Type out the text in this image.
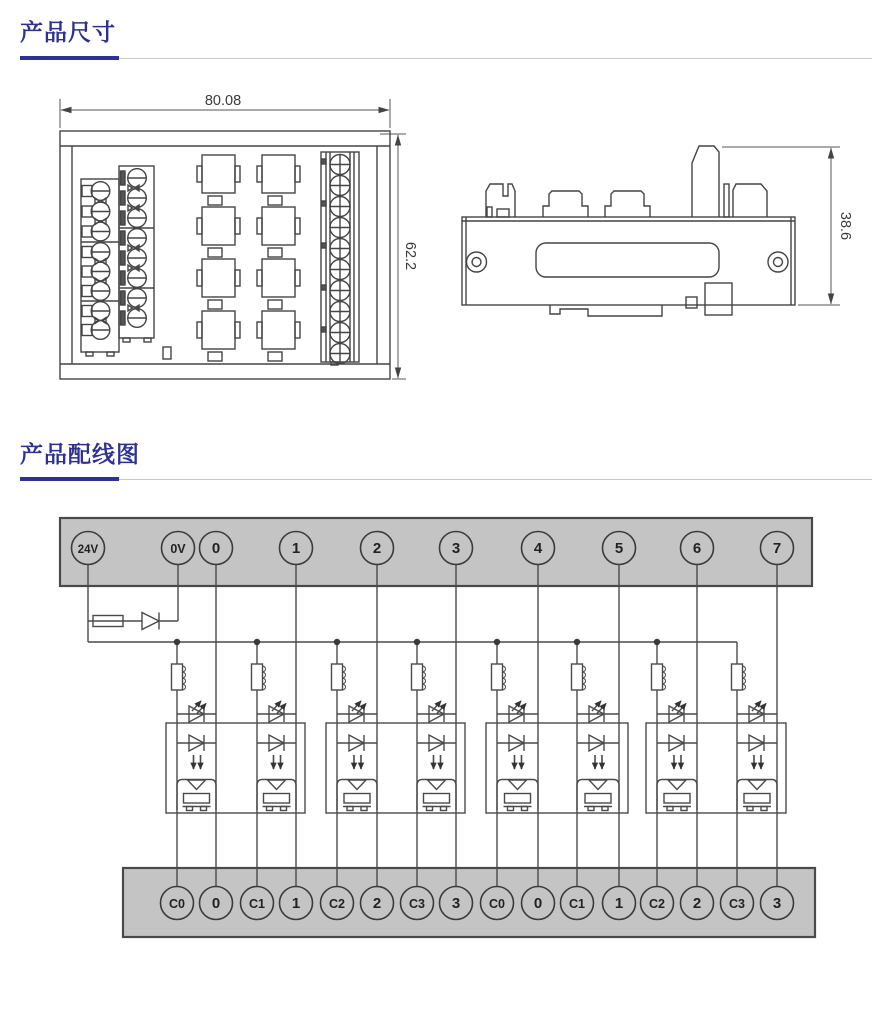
产品尺寸
80.08
62.2
38.6
产品配线图
24V	0V 0	1	2	3	4	5	6	7
C0 0 C1 1 C2 2 C3 3 C0 0 C1 1 C2 2 C3 3
